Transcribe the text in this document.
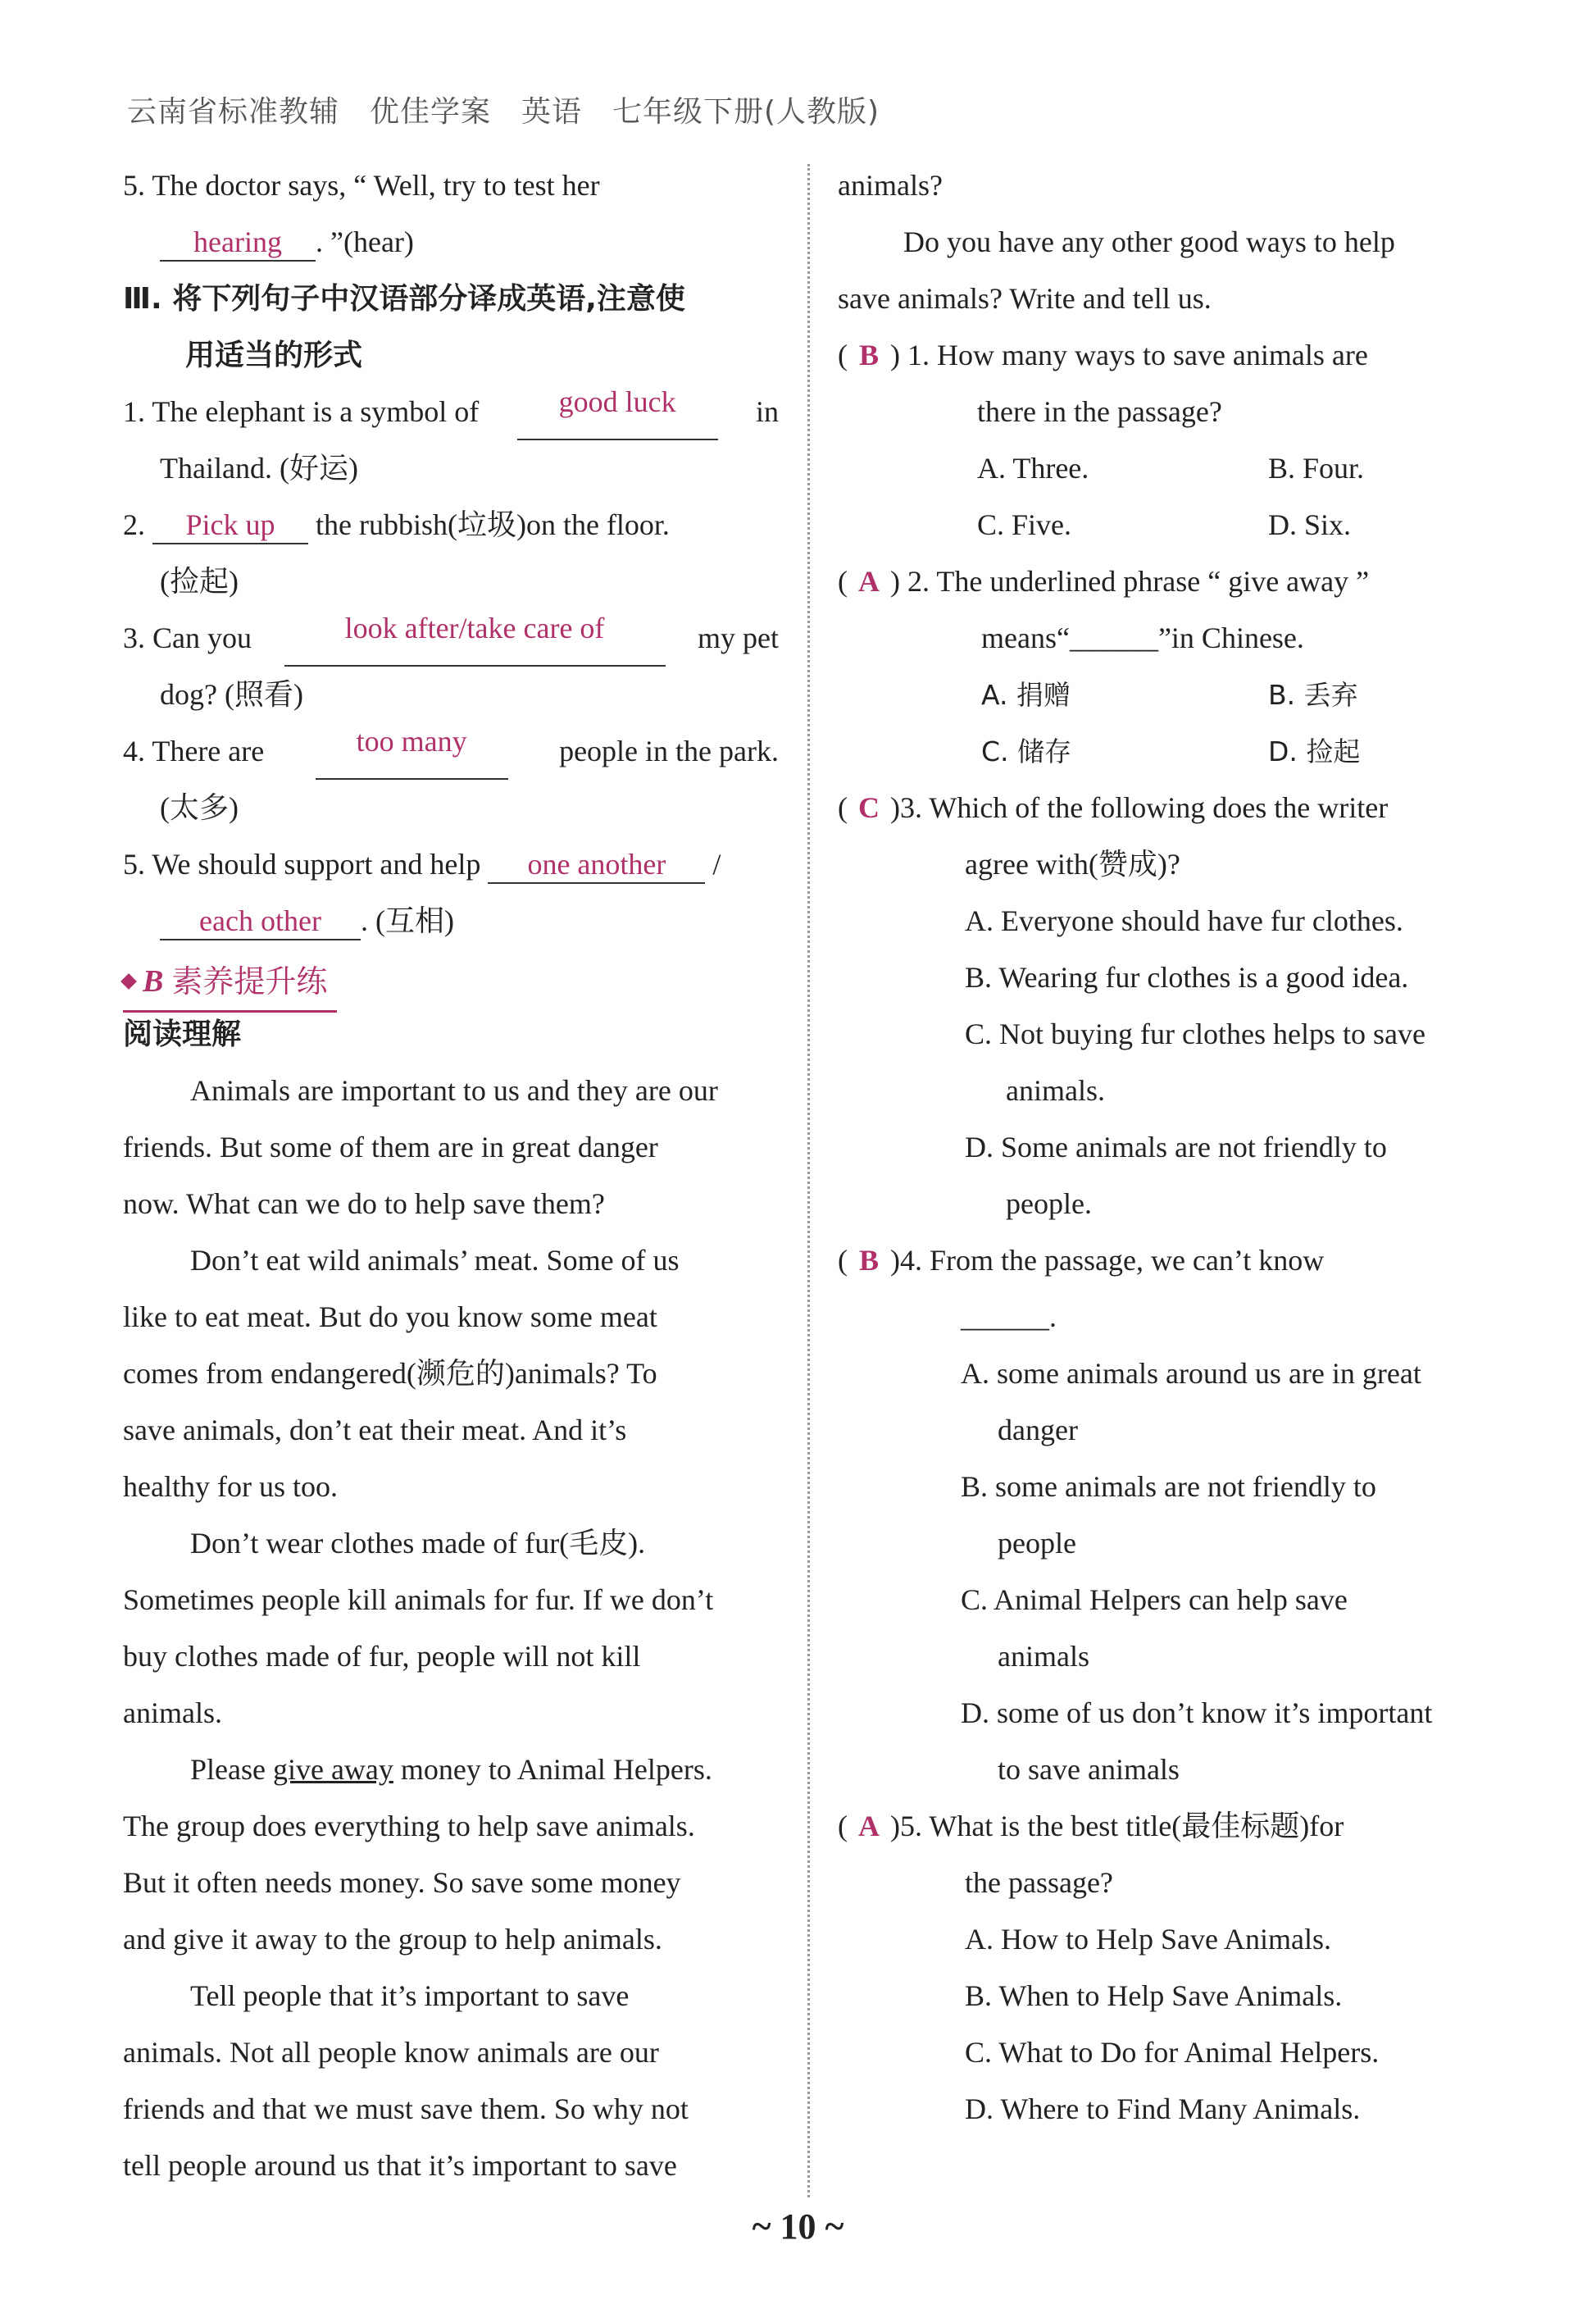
云南省标准教辅　优佳学案　英语　七年级下册(人教版)
5. The doctor says, “ Well, try to test her
hearing . ”(hear)
Ⅲ. 将下列句子中汉语部分译成英语,注意使
用适当的形式
1. The elephant is a symbol of	good luck	in
Thailand. (好运)
2. Pick up the rubbish(垃圾)on the floor.
(捡起)
3. Can you	look after/take care of	my pet
dog? (照看)
4. There are	too many	people in the park.
(太多)
5. We should support and help one another /
each other . (互相)
B 素养提升练
阅读理解
Animals are important to us and they are our
friends. But some of them are in great danger
now. What can we do to help save them?
Don’t eat wild animals’ meat. Some of us
like to eat meat. But do you know some meat
comes from endangered(濒危的)animals? To
save animals, don’t eat their meat. And it’s
healthy for us too.
Don’t wear clothes made of fur(毛皮).
Sometimes people kill animals for fur. If we don’t
buy clothes made of fur, people will not kill
animals.
Please give away money to Animal Helpers.
The group does everything to help save animals.
But it often needs money. So save some money
and give it away to the group to help animals.
Tell people that it’s important to save
animals. Not all people know animals are our
friends and that we must save them. So why not
tell people around us that it’s important to save
animals?
Do you have any other good ways to help
save animals? Write and tell us.
( B ) 1. How many ways to save animals are
there in the passage?
A. Three.	B. Four.
C. Five.	D. Six.
( A ) 2. The underlined phrase “ give away ”
means“______”in Chinese.
A. 捐赠	B. 丢弃
C. 储存	D. 捡起
( C )3. Which of the following does the writer
agree with(赞成)?
A. Everyone should have fur clothes.
B. Wearing fur clothes is a good idea.
C. Not buying fur clothes helps to save
animals.
D. Some animals are not friendly to
people.
( B )4. From the passage, we can’t know
______.
A. some animals around us are in great
danger
B. some animals are not friendly to
people
C. Animal Helpers can help save
animals
D. some of us don’t know it’s important
to save animals
( A )5. What is the best title(最佳标题)for
the passage?
A. How to Help Save Animals.
B. When to Help Save Animals.
C. What to Do for Animal Helpers.
D. Where to Find Many Animals.
~ 10 ~
